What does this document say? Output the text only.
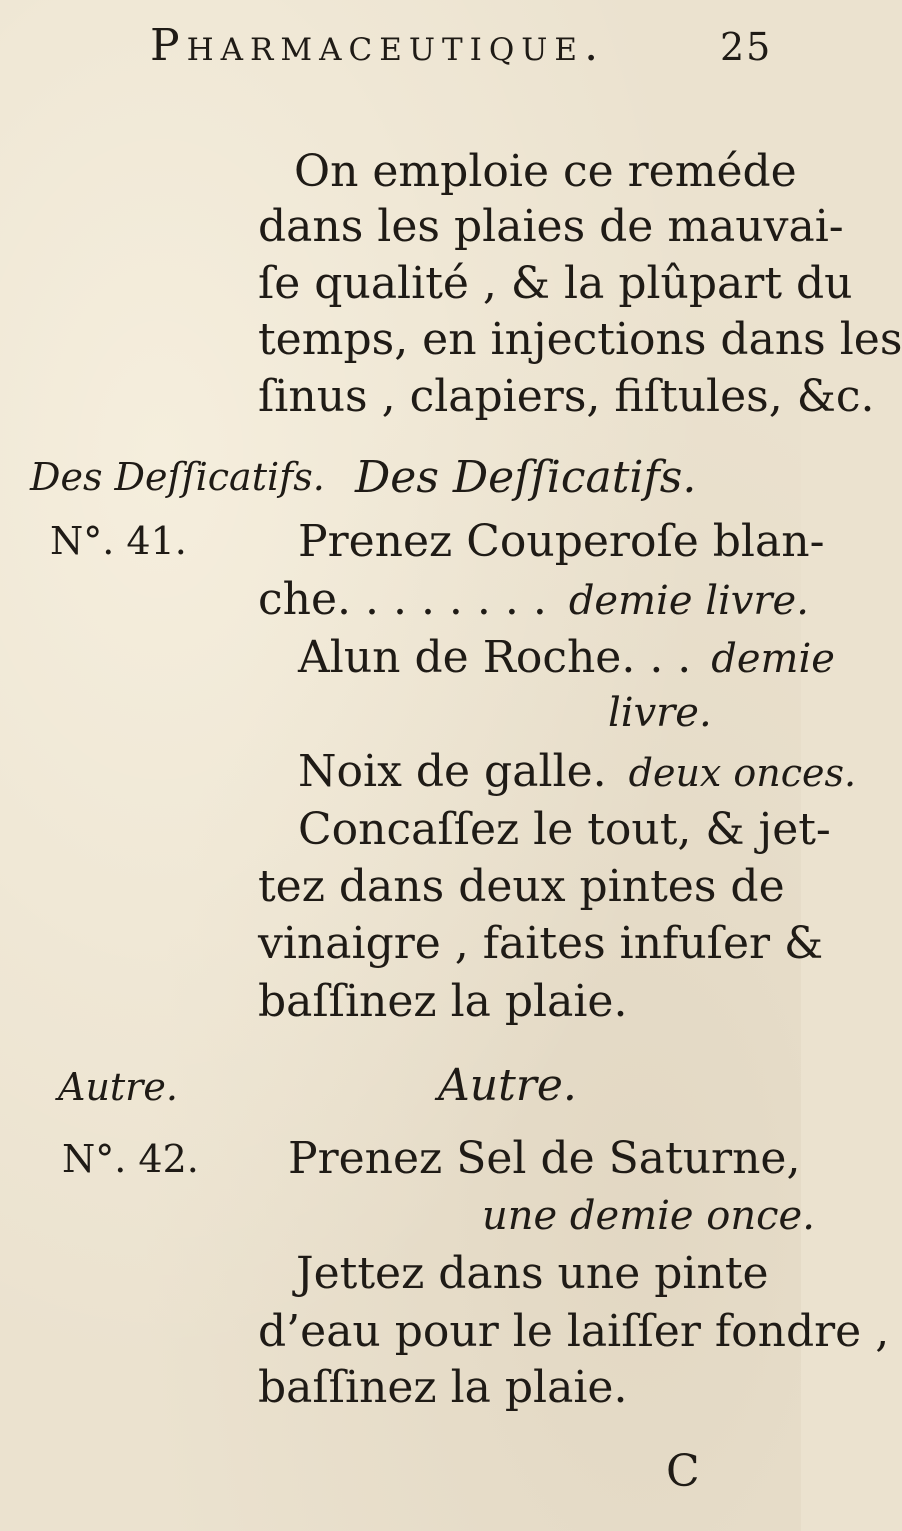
Pharmaceutique.	25
On emploie ce reméde
dans les plaies de mauvai-
ſe qualité , & la plûpart du
temps, en injections dans les
ſinus , clapiers, fiſtules, &c.
Des Deſſicatifs. Des Deſſicatifs.
N°. 41.	Prenez Couperoſe blan-
che. . . . . . . . demie livre.
Alun de Roche. . . demie
livre.
Noix de galle. deux onces.
Concaſſez le tout, & jet-
tez dans deux pintes de
vinaigre , faites infuſer &
baſſinez la plaie.
Autre.	Autre.
N°. 42. Prenez Sel de Saturne,
une demie once.
Jettez dans une pinte
d’eau pour le laiſſer fondre ,
baſſinez la plaie.
C
